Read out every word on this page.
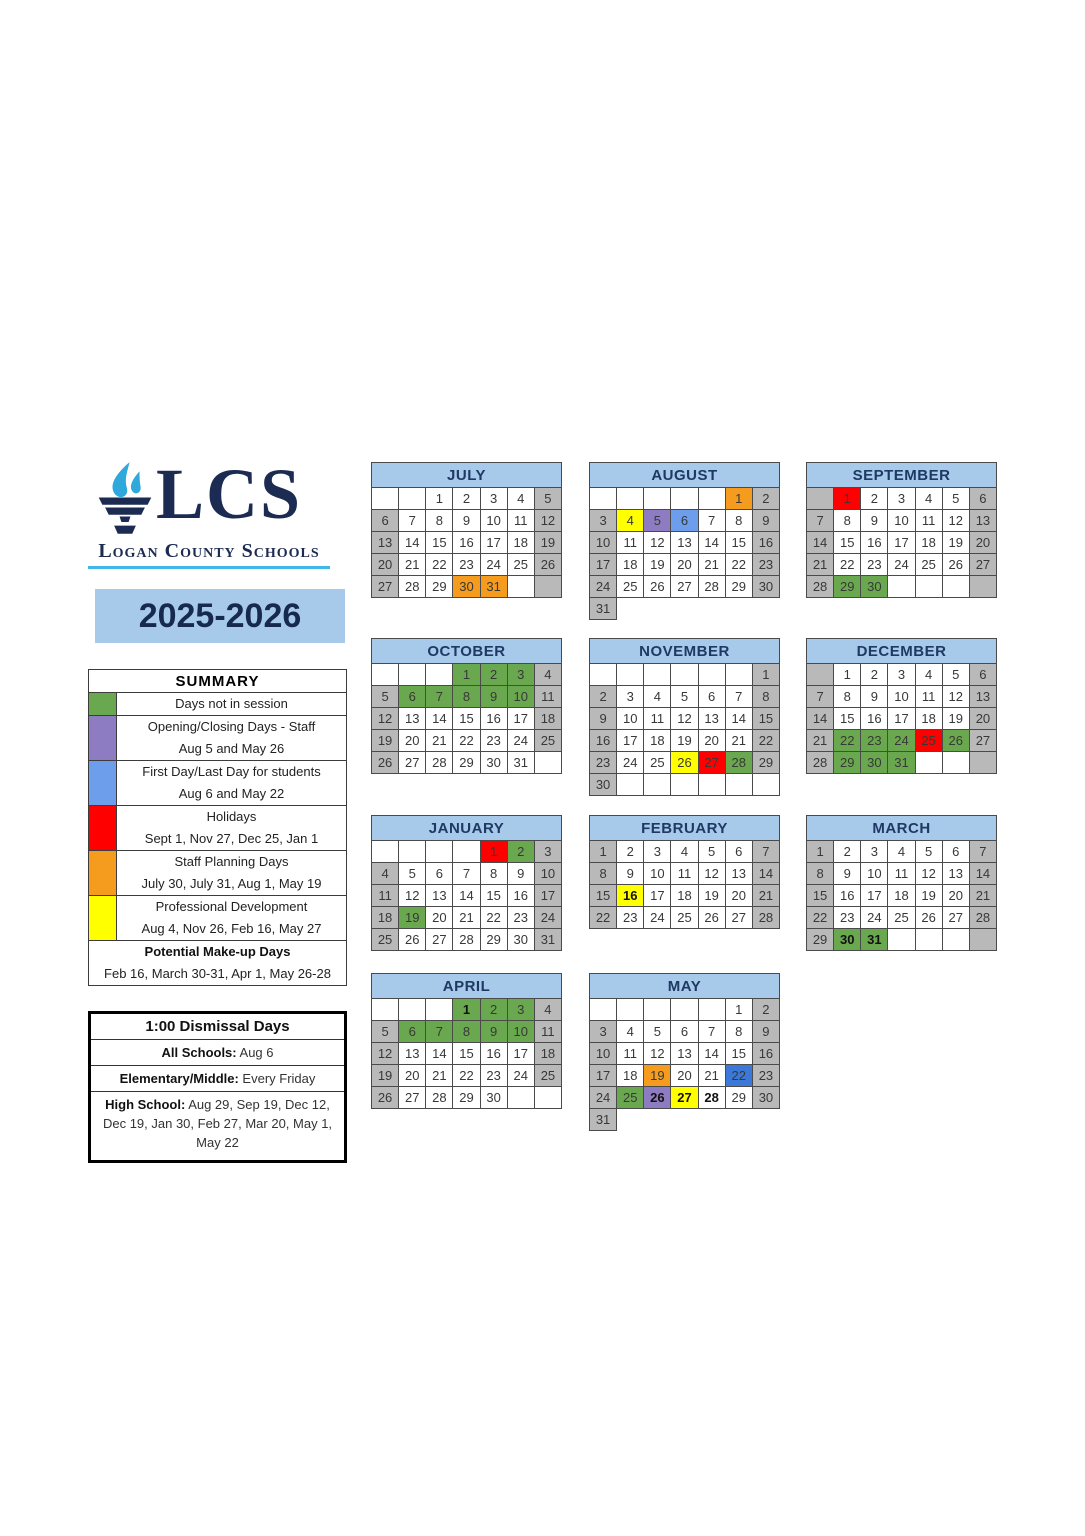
LCS
Logan County Schools
2025-2026
SUMMARY	

	Days not in session

	Opening/Closing Days - Staff
Aug 5 and May 26

	First Day/Last Day for students
Aug 6 and May 22

	Holidays
Sept 1, Nov 27, Dec 25, Jan 1

	Staff Planning Days
July 30, July 31, Aug 1, May 19

	Professional Development
Aug 4, Nov 26, Feb 16, May 27

Potential Make-up Days
Feb 16, March 30-31, Apr 1, May 26-28	
1:00 Dismissal Days
All Schools: Aug 6
Elementary/Middle: Every Friday
High School: Aug 29, Sep 19, Dec 12, Dec 19, Jan 30, Feb 27, Mar 20, May 1, May 22
JULY						
		1	2	3	4	5
6	7	8	9	10	11	12
13	14	15	16	17	18	19
20	21	22	23	24	25	26
27	28	29	30	31		
AUGUST						
					1	2
3	4	5	6	7	8	9
10	11	12	13	14	15	16
17	18	19	20	21	22	23
24	25	26	27	28	29	30
31						
SEPTEMBER						
	1	2	3	4	5	6
7	8	9	10	11	12	13
14	15	16	17	18	19	20
21	22	23	24	25	26	27
28	29	30				
OCTOBER						
			1	2	3	4
5	6	7	8	9	10	11
12	13	14	15	16	17	18
19	20	21	22	23	24	25
26	27	28	29	30	31	
NOVEMBER						
						1
2	3	4	5	6	7	8
9	10	11	12	13	14	15
16	17	18	19	20	21	22
23	24	25	26	27	28	29
30						
DECEMBER						
	1	2	3	4	5	6
7	8	9	10	11	12	13
14	15	16	17	18	19	20
21	22	23	24	25	26	27
28	29	30	31			
JANUARY						
				1	2	3
4	5	6	7	8	9	10
11	12	13	14	15	16	17
18	19	20	21	22	23	24
25	26	27	28	29	30	31
FEBRUARY						
1	2	3	4	5	6	7
8	9	10	11	12	13	14
15	16	17	18	19	20	21
22	23	24	25	26	27	28
MARCH						
1	2	3	4	5	6	7
8	9	10	11	12	13	14
15	16	17	18	19	20	21
22	23	24	25	26	27	28
29	30	31				
APRIL						
			1	2	3	4
5	6	7	8	9	10	11
12	13	14	15	16	17	18
19	20	21	22	23	24	25
26	27	28	29	30		
MAY						
					1	2
3	4	5	6	7	8	9
10	11	12	13	14	15	16
17	18	19	20	21	22	23
24	25	26	27	28	29	30
31						
